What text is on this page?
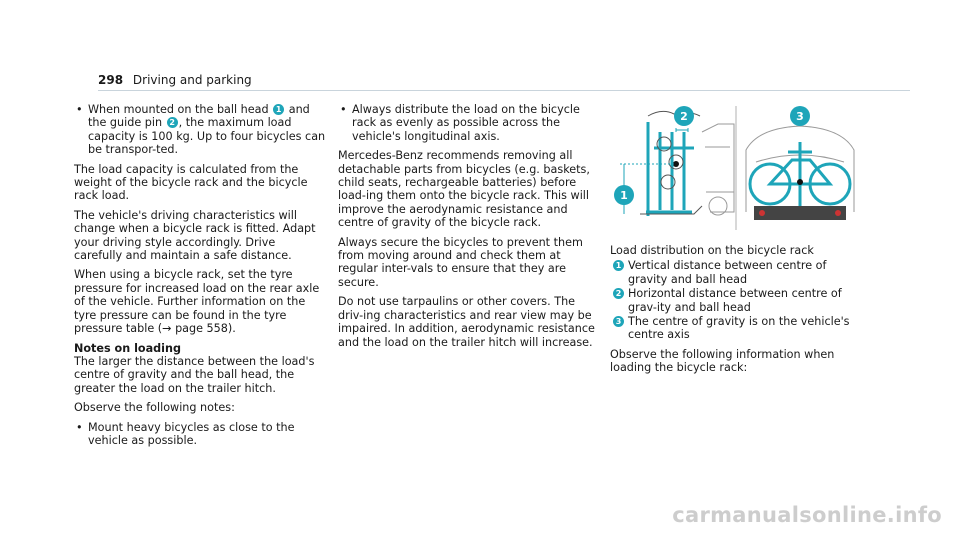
298 Driving and parking
• When mounted on the ball head 1 and the guide pin 2 , the maximum load capacity is 100 kg. Up to four bicycles can be transpor-ted.

The load capacity is calculated from the weight of the bicycle rack and the bicycle rack load.

The vehicle's driving characteristics will change when a bicycle rack is fitted. Adapt your driving style accordingly. Drive carefully and maintain a safe distance.

When using a bicycle rack, set the tyre pressure for increased load on the rear axle of the vehicle. Further information on the tyre pressure can be found in the tyre pressure table (→ page 558).

Notes on loading

The larger the distance between the load's centre of gravity and the ball head, the greater the load on the trailer hitch.

Observe the following notes:

• Mount heavy bicycles as close to the vehicle as possible.
• Always distribute the load on the bicycle rack as evenly as possible across the vehicle's longitudinal axis.

Mercedes-Benz recommends removing all detachable parts from bicycles (e.g. baskets, child seats, rechargeable batteries) before load-ing them onto the bicycle rack. This will improve the aerodynamic resistance and centre of gravity of the bicycle rack.

Always secure the bicycles to prevent them from moving around and check them at regular inter-vals to ensure that they are secure.

Do not use tarpaulins or other covers. The driv-ing characteristics and rear view may be impaired. In addition, aerodynamic resistance and the load on the trailer hitch will increase.

1
2	3

Load distribution on the bicycle rack

1 Vertical distance between centre of gravity and ball head
2 Horizontal distance between centre of grav-ity and ball head
3 The centre of gravity is on the vehicle's centre axis

Observe the following information when loading the bicycle rack:

carmanualsonline.info
